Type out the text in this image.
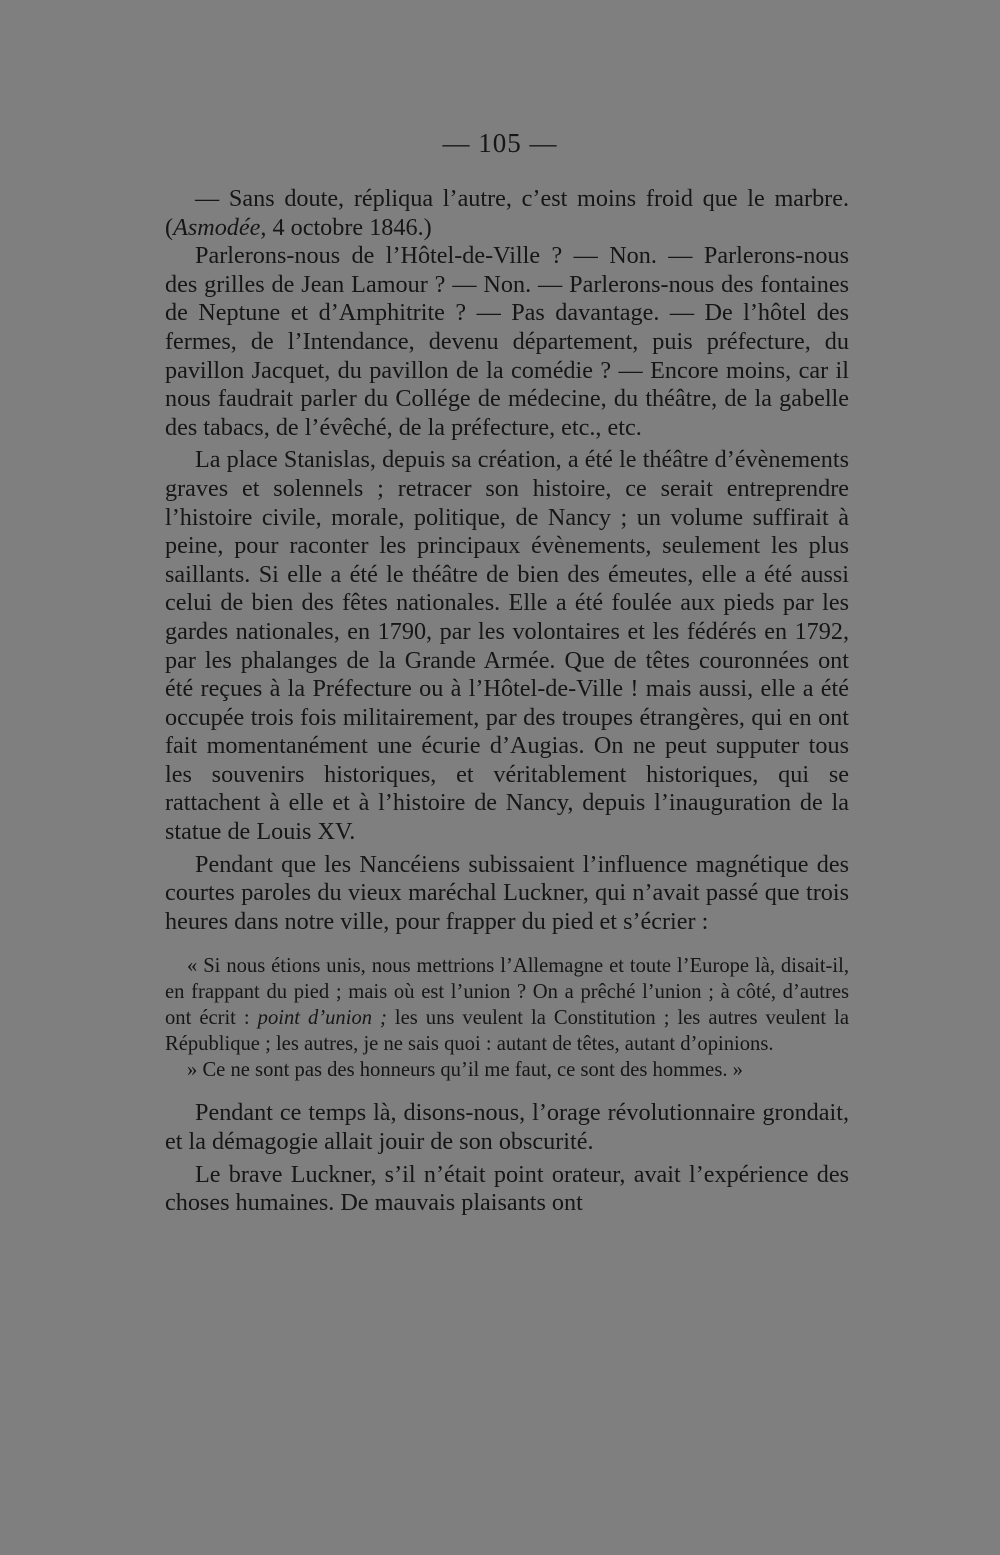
— 105 —

— Sans doute, répliqua l’autre, c’est moins froid que le marbre. (Asmodée, 4 octobre 1846.)

Parlerons-nous de l’Hôtel-de-Ville ? — Non. — Parlerons-nous des grilles de Jean Lamour ? — Non. — Parlerons-nous des fontaines de Neptune et d’Amphitrite ? — Pas davantage. — De l’hôtel des fermes, de l’Intendance, devenu département, puis préfecture, du pavillon Jacquet, du pavillon de la comédie ? — Encore moins, car il nous faudrait parler du Collége de médecine, du théâtre, de la gabelle des tabacs, de l’évêché, de la préfecture, etc., etc.

La place Stanislas, depuis sa création, a été le théâtre d’évènements graves et solennels ; retracer son histoire, ce serait entreprendre l’histoire civile, morale, politique, de Nancy ; un volume suffirait à peine, pour raconter les principaux évènements, seulement les plus saillants. Si elle a été le théâtre de bien des émeutes, elle a été aussi celui de bien des fêtes nationales. Elle a été foulée aux pieds par les gardes nationales, en 1790, par les volontaires et les fédérés en 1792, par les phalanges de la Grande Armée. Que de têtes couronnées ont été reçues à la Préfecture ou à l’Hôtel-de-Ville ! mais aussi, elle a été occupée trois fois militairement, par des troupes étrangères, qui en ont fait momentanément une écurie d’Augias. On ne peut supputer tous les souvenirs historiques, et véritablement historiques, qui se rattachent à elle et à l’histoire de Nancy, depuis l’inauguration de la statue de Louis XV.

Pendant que les Nancéiens subissaient l’influence magnétique des courtes paroles du vieux maréchal Luckner, qui n’avait passé que trois heures dans notre ville, pour frapper du pied et s’écrier :

« Si nous étions unis, nous mettrions l’Allemagne et toute l’Europe là, disait-il, en frappant du pied ; mais où est l’union ? On a prêché l’union ; à côté, d’autres ont écrit : point d’union ; les uns veulent la Constitution ; les autres veulent la République ; les autres, je ne sais quoi : autant de têtes, autant d’opinions.

» Ce ne sont pas des honneurs qu’il me faut, ce sont des hommes. »

Pendant ce temps là, disons-nous, l’orage révolutionnaire grondait, et la démagogie allait jouir de son obscurité.

Le brave Luckner, s’il n’était point orateur, avait l’expérience des choses humaines. De mauvais plaisants ont
